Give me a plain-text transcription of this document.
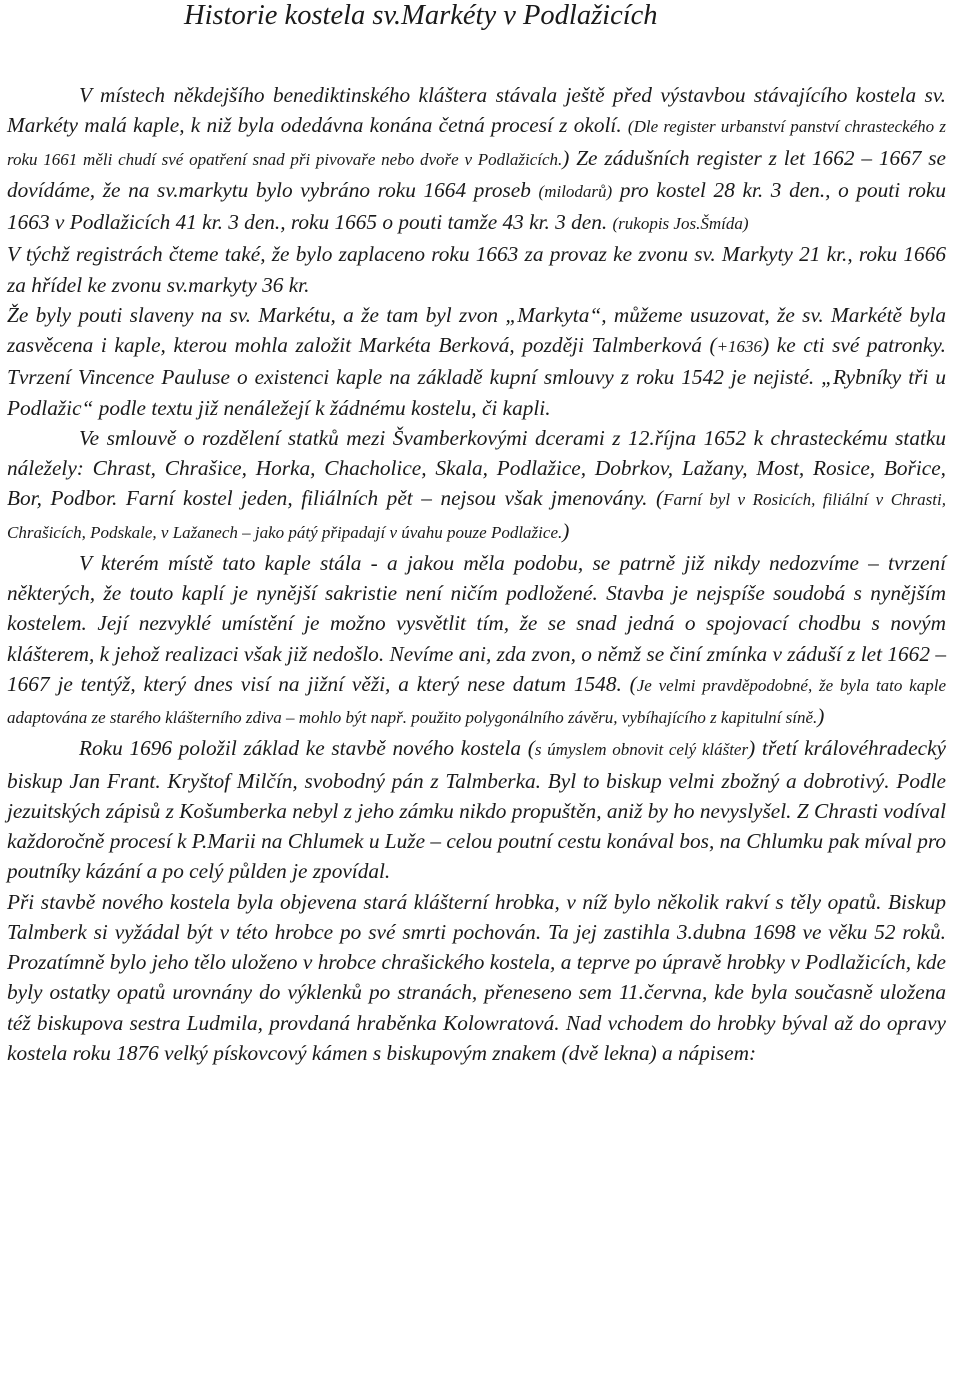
Historie kostela sv.Markéty v Podlažicích

V místech někdejšího benediktinského kláštera stávala ještě před výstavbou stávajícího kostela sv. Markéty malá kaple, k niž byla odedávna konána četná procesí z okolí. (Dle register urbanství panství chrasteckého z roku 1661 měli chudí své opatření snad při pivovaře nebo dvoře v Podlažicích.) Ze zádušních register z let 1662 – 1667 se dovídáme, že na sv.markytu bylo vybráno roku 1664 proseb (milodarů) pro kostel 28 kr. 3 den., o pouti roku 1663 v Podlažicích 41 kr. 3 den., roku 1665 o pouti tamže 43 kr. 3 den. (rukopis Jos.Šmída)

V týchž registrách čteme také, že bylo zaplaceno roku 1663 za provaz ke zvonu sv. Markyty 21 kr., roku 1666 za hřídel ke zvonu sv.markyty 36 kr.

Že byly pouti slaveny na sv. Markétu, a že tam byl zvon „Markyta“, můžeme usuzovat, že sv. Markétě byla zasvěcena i kaple, kterou mohla založit Markéta Berková, později Talmberková (+1636) ke cti své patronky. Tvrzení Vincence Pauluse o existenci kaple na základě kupní smlouvy z roku 1542 je nejisté. „Rybníky tři u Podlažic“ podle textu již nenáležejí k žádnému kostelu, či kapli.

Ve smlouvě o rozdělení statků mezi Švamberkovými dcerami z 12.října 1652 k chrasteckému statku náležely: Chrast, Chrašice, Horka, Chacholice, Skala, Podlažice, Dobrkov, Lažany, Most, Rosice, Bořice, Bor, Podbor. Farní kostel jeden, filiálních pět – nejsou však jmenovány. (Farní byl v Rosicích, filiální v Chrasti, Chrašicích, Podskale, v Lažanech – jako pátý připadají v úvahu pouze Podlažice.)

V kterém místě tato kaple stála - a jakou měla podobu, se patrně již nikdy nedozvíme – tvrzení některých, že touto kaplí je nynější sakristie není ničím podložené. Stavba je nejspíše soudobá s nynějším kostelem. Její nezvyklé umístění je možno vysvětlit tím, že se snad jedná o spojovací chodbu s novým klášterem, k jehož realizaci však již nedošlo. Nevíme ani, zda zvon, o němž se činí zmínka v záduší z let 1662 – 1667 je tentýž, který dnes visí na jižní věži, a který nese datum 1548. (Je velmi pravděpodobné, že byla tato kaple adaptována ze starého klášterního zdiva – mohlo být např. použito polygonálního závěru, vybíhajícího z kapitulní síně.)

Roku 1696 položil základ ke stavbě nového kostela (s úmyslem obnovit celý klášter) třetí královéhradecký biskup Jan Frant. Kryštof Milčín, svobodný pán z Talmberka. Byl to biskup velmi zbožný a dobrotivý. Podle jezuitských zápisů z Košumberka nebyl z jeho zámku nikdo propuštěn, aniž by ho nevyslyšel. Z Chrasti vodíval každoročně procesí k P.Marii na Chlumek u Luže – celou poutní cestu konával bos, na Chlumku pak míval pro poutníky kázání a po celý půlden je zpovídal.

Při stavbě nového kostela byla objevena stará klášterní hrobka, v níž bylo několik rakví s těly opatů. Biskup Talmberk si vyžádal být v této hrobce po své smrti pochován. Ta jej zastihla 3.dubna 1698 ve věku 52 roků. Prozatímně bylo jeho tělo uloženo v hrobce chrašického kostela, a teprve po úpravě hrobky v Podlažicích, kde byly ostatky opatů urovnány do výklenků po stranách, přeneseno sem 11.června, kde byla současně uložena též biskupova sestra Ludmila, provdaná hraběnka Kolowratová. Nad vchodem do hrobky býval až do opravy kostela roku 1876 velký pískovcový kámen s biskupovým znakem (dvě lekna) a nápisem:
